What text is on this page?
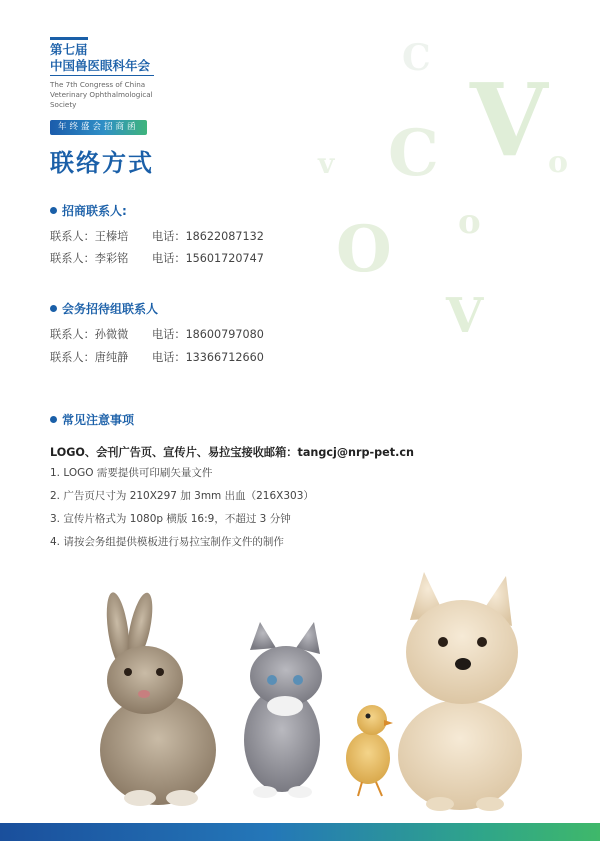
第七届
中国兽医眼科年会
The 7th Congress of China Veterinary Ophthalmological Society
年终盛会招商函
联络方式
C
V
C
v	o
o
O
V
招商联系人:
联系人：王榛培 电话：18622087132
联系人：李彩铭 电话：15601720747
会务招待组联系人
联系人：孙微微 电话：18600797080
联系人：唐纯静 电话：13366712660
常见注意事项
LOGO、会刊广告页、宣传片、易拉宝接收邮箱：tangcj@nrp-pet.cn
1. LOGO 需要提供可印刷矢量文件
2. 广告页尺寸为 210X297 加 3mm 出血（216X303）
3. 宣传片格式为 1080p 横版 16:9，不超过 3 分钟
4. 请按会务组提供模板进行易拉宝制作文件的制作
